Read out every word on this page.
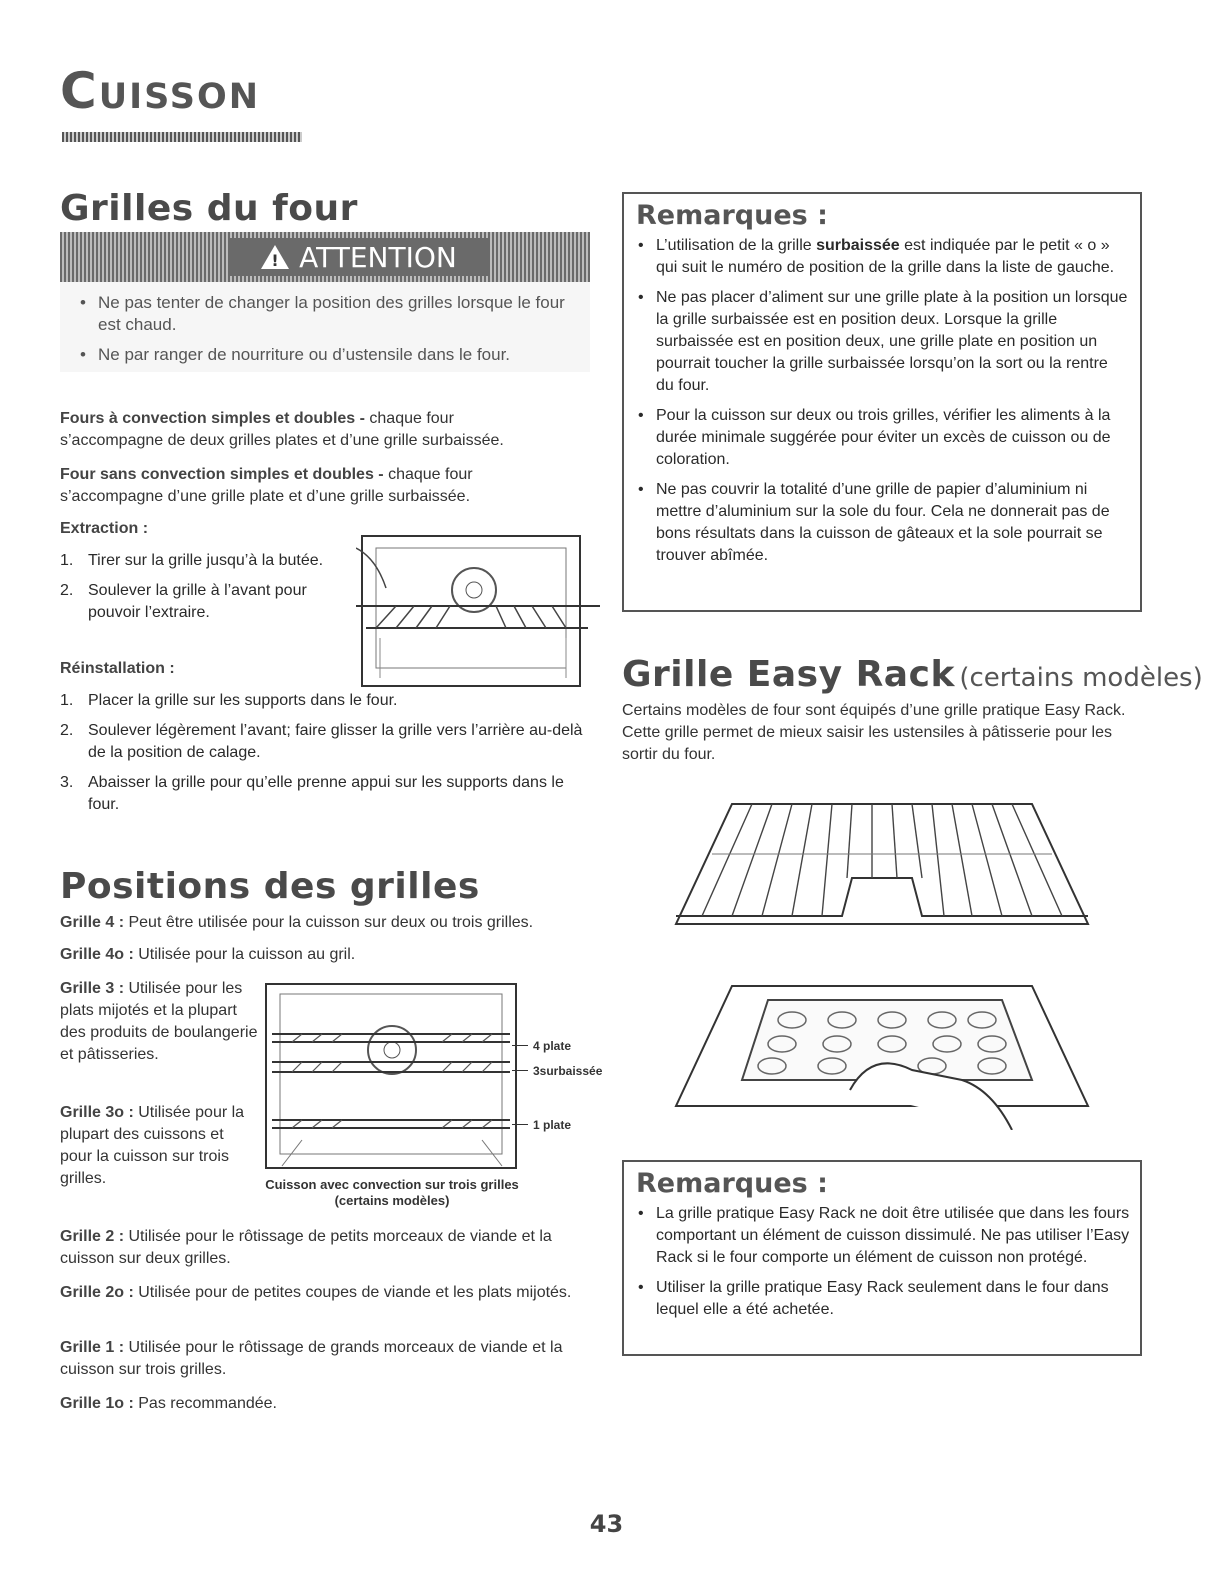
Cuisson
Grilles du four
! ATTENTION
• Ne pas tenter de changer la position des grilles lorsque le four est chaud.
• Ne par ranger de nourriture ou d’ustensile dans le four.
Fours à convection simples et doubles - chaque four s’accompagne de deux grilles plates et d’une grille surbaissée.
Four sans convection simples et doubles - chaque four s’accompagne d’une grille plate et d’une grille surbaissée.
Extraction :
1. Tirer sur la grille jusqu’à la butée.
2. Soulever la grille à l’avant pour pouvoir l’extraire.
Réinstallation :
1. Placer la grille sur les supports dans le four.
2. Soulever légèrement l’avant; faire glisser la grille vers l’arrière au-delà de la position de calage.
3. Abaisser la grille pour qu’elle prenne appui sur les supports dans le four.
Positions des grilles
Grille 4 : Peut être utilisée pour la cuisson sur deux ou trois grilles.
Grille 4o : Utilisée pour la cuisson au gril.
Grille 3 : Utilisée pour les plats mijotés et la plupart des produits de boulangerie et pâtisseries.
Grille 3o : Utilisée pour la plupart des cuissons et pour la cuisson sur trois grilles.
4 plate
3surbaissée
1 plate
Cuisson avec convection sur trois grilles (certains modèles)
Grille 2 : Utilisée pour le rôtissage de petits morceaux de viande et la cuisson sur deux grilles.
Grille 2o : Utilisée pour de petites coupes de viande et les plats mijotés.
Grille 1 : Utilisée pour le rôtissage de grands morceaux de viande et la cuisson sur trois grilles.
Grille 1o : Pas recommandée.
Remarques :
• L’utilisation de la grille surbaissée est indiquée par le petit « o » qui suit le numéro de position de la grille dans la liste de gauche.
• Ne pas placer d’aliment sur une grille plate à la position un lorsque la grille surbaissée est en position deux. Lorsque la grille surbaissée est en position deux, une grille plate en position un pourrait toucher la grille surbaissée lorsqu’on la sort ou la rentre du four.
• Pour la cuisson sur deux ou trois grilles, vérifier les aliments à la durée minimale suggérée pour éviter un excès de cuisson ou de coloration.
• Ne pas couvrir la totalité d’une grille de papier d’aluminium ni mettre d’aluminium sur la sole du four. Cela ne donnerait pas de bons résultats dans la cuisson de gâteaux et la sole pourrait se trouver abîmée.
Grille Easy Rack (certains modèles)
Certains modèles de four sont équipés d’une grille pratique Easy Rack. Cette grille permet de mieux saisir les ustensiles à pâtisserie pour les sortir du four.
Remarques :
• La grille pratique Easy Rack ne doit être utilisée que dans les fours comportant un élément de cuisson dissimulé. Ne pas utiliser l’Easy Rack si le four comporte un élément de cuisson non protégé.
• Utiliser la grille pratique Easy Rack seulement dans le four dans lequel elle a été achetée.
43
